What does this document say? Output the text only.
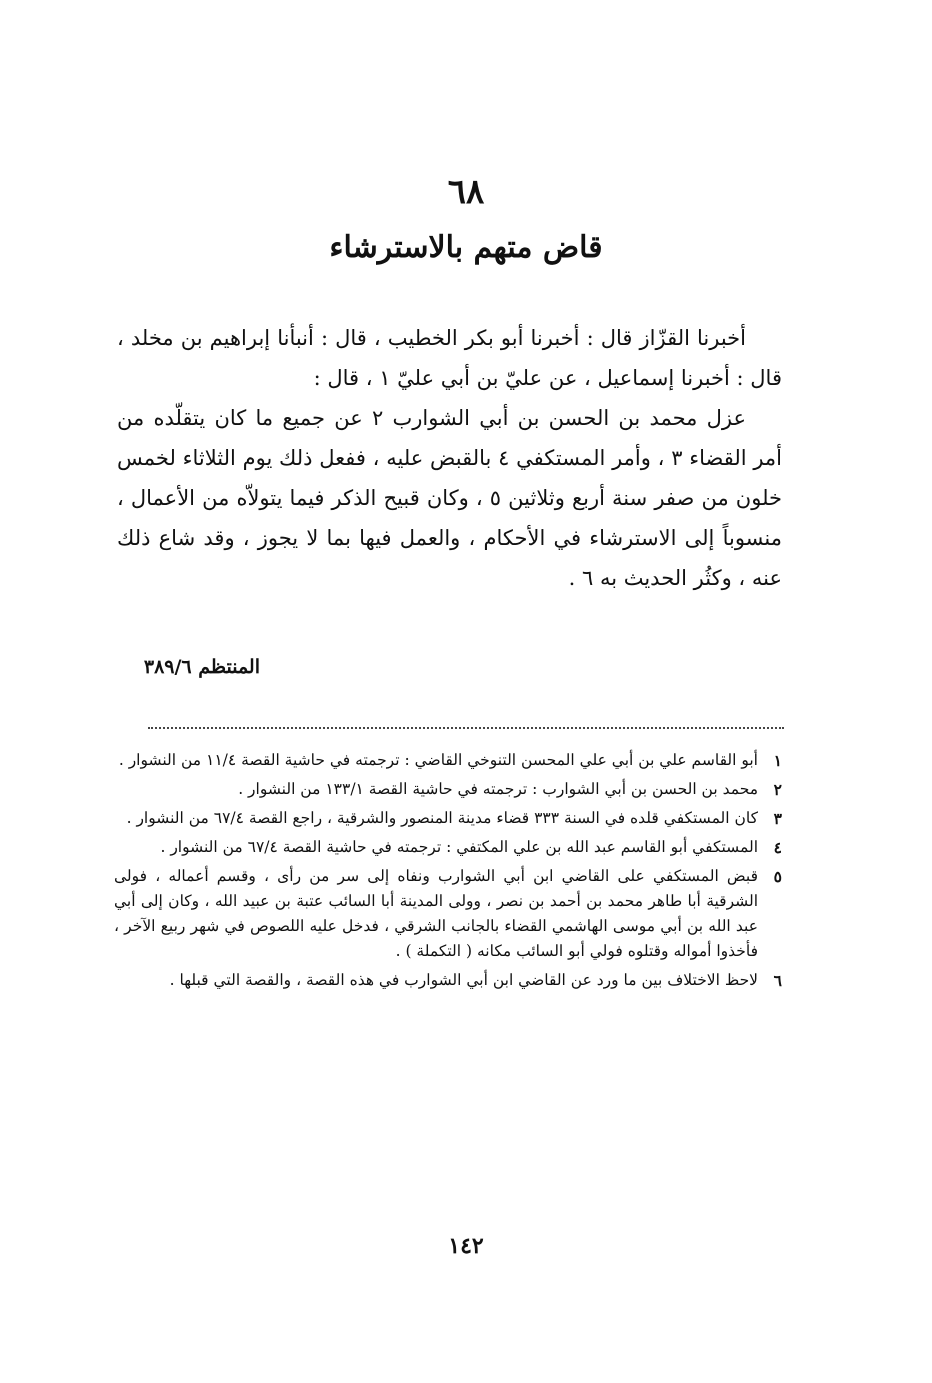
٦٨
قاض متهم بالاسترشاء

أخبرنا القزّاز قال : أخبرنا أبو بكر الخطيب ، قال : أنبأنا إبراهيم بن مخلد ، قال : أخبرنا إسماعيل ، عن عليّ بن أبي عليّ ١ ، قال :

عزل محمد بن الحسن بن أبي الشوارب ٢ عن جميع ما كان يتقلّده من أمر القضاء ٣ ، وأمر المستكفي ٤ بالقبض عليه ، ففعل ذلك يوم الثلاثاء لخمس خلون من صفر سنة أربع وثلاثين ٥ ، وكان قبيح الذكر فيما يتولاّه من الأعمال ، منسوباً إلى الاسترشاء في الأحكام ، والعمل فيها بما لا يجوز ، وقد شاع ذلك عنه ، وكثُر الحديث به ٦ .

المنتظم ٣٨٩/٦
١
أبو القاسم علي بن أبي علي المحسن التنوخي القاضي : ترجمته في حاشية القصة ١١/٤ من النشوار .
٢
محمد بن الحسن بن أبي الشوارب : ترجمته في حاشية القصة ١٣٣/١ من النشوار .
٣
كان المستكفي قلده في السنة ٣٣٣ قضاء مدينة المنصور والشرقية ، راجع القصة ٦٧/٤ من النشوار .
٤
المستكفي أبو القاسم عبد الله بن علي المكتفي : ترجمته في حاشية القصة ٦٧/٤ من النشوار .
٥
قبض المستكفي على القاضي ابن أبي الشوارب ونفاه إلى سر من رأى ، وقسم أعماله ، فولى الشرقية أبا طاهر محمد بن أحمد بن نصر ، وولى المدينة أبا السائب عتبة بن عبيد الله ، وكان إلى أبي عبد الله بن أبي موسى الهاشمي القضاء بالجانب الشرقي ، فدخل عليه اللصوص في شهر ربيع الآخر ، فأخذوا أمواله وقتلوه فولي أبو السائب مكانه ( التكملة ) .
٦
لاحظ الاختلاف بين ما ورد عن القاضي ابن أبي الشوارب في هذه القصة ، والقصة التي قبلها .
١٤٢
